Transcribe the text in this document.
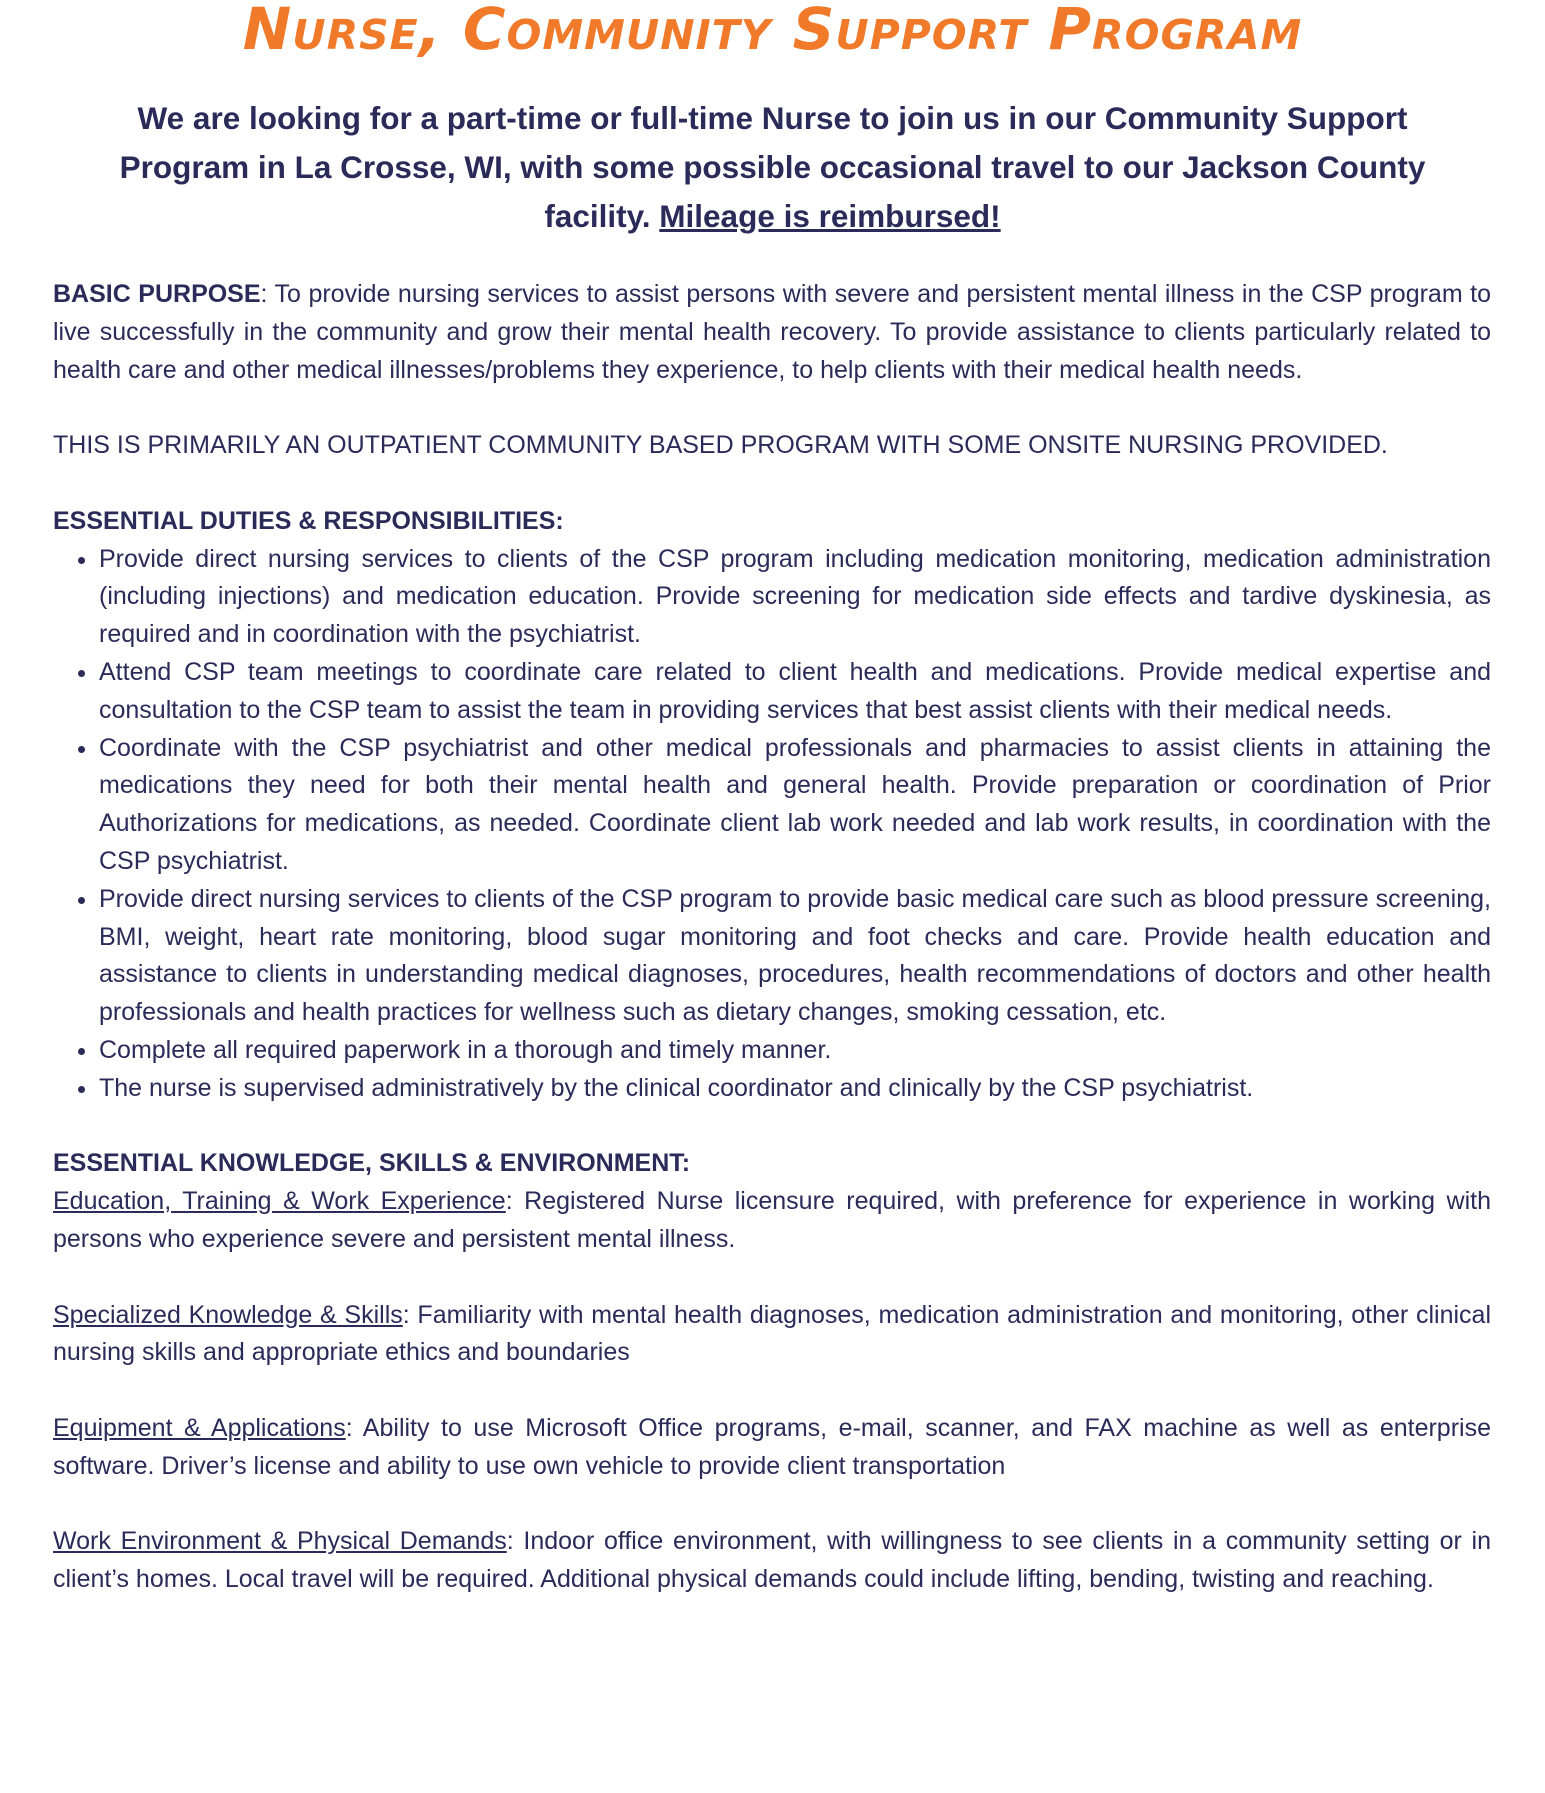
Nurse, Community Support Program
We are looking for a part-time or full-time Nurse to join us in our Community Support Program in La Crosse, WI, with some possible occasional travel to our Jackson County facility. Mileage is reimbursed!

BASIC PURPOSE: To provide nursing services to assist persons with severe and persistent mental illness in the CSP program to live successfully in the community and grow their mental health recovery. To provide assistance to clients particularly related to health care and other medical illnesses/problems they experience, to help clients with their medical health needs.

THIS IS PRIMARILY AN OUTPATIENT COMMUNITY BASED PROGRAM WITH SOME ONSITE NURSING PROVIDED.

ESSENTIAL DUTIES & RESPONSIBILITIES:

• Provide direct nursing services to clients of the CSP program including medication monitoring, medication administration (including injections) and medication education. Provide screening for medication side effects and tardive dyskinesia, as required and in coordination with the psychiatrist.
• Attend CSP team meetings to coordinate care related to client health and medications. Provide medical expertise and consultation to the CSP team to assist the team in providing services that best assist clients with their medical needs.
• Coordinate with the CSP psychiatrist and other medical professionals and pharmacies to assist clients in attaining the medications they need for both their mental health and general health. Provide preparation or coordination of Prior Authorizations for medications, as needed. Coordinate client lab work needed and lab work results, in coordination with the CSP psychiatrist.
• Provide direct nursing services to clients of the CSP program to provide basic medical care such as blood pressure screening, BMI, weight, heart rate monitoring, blood sugar monitoring and foot checks and care. Provide health education and assistance to clients in understanding medical diagnoses, procedures, health recommendations of doctors and other health professionals and health practices for wellness such as dietary changes, smoking cessation, etc.
• Complete all required paperwork in a thorough and timely manner.
• The nurse is supervised administratively by the clinical coordinator and clinically by the CSP psychiatrist.

ESSENTIAL KNOWLEDGE, SKILLS & ENVIRONMENT:

Education, Training & Work Experience: Registered Nurse licensure required, with preference for experience in working with persons who experience severe and persistent mental illness.

Specialized Knowledge & Skills: Familiarity with mental health diagnoses, medication administration and monitoring, other clinical nursing skills and appropriate ethics and boundaries

Equipment & Applications: Ability to use Microsoft Office programs, e-mail, scanner, and FAX machine as well as enterprise software. Driver’s license and ability to use own vehicle to provide client transportation

Work Environment & Physical Demands: Indoor office environment, with willingness to see clients in a community setting or in client’s homes. Local travel will be required. Additional physical demands could include lifting, bending, twisting and reaching.
